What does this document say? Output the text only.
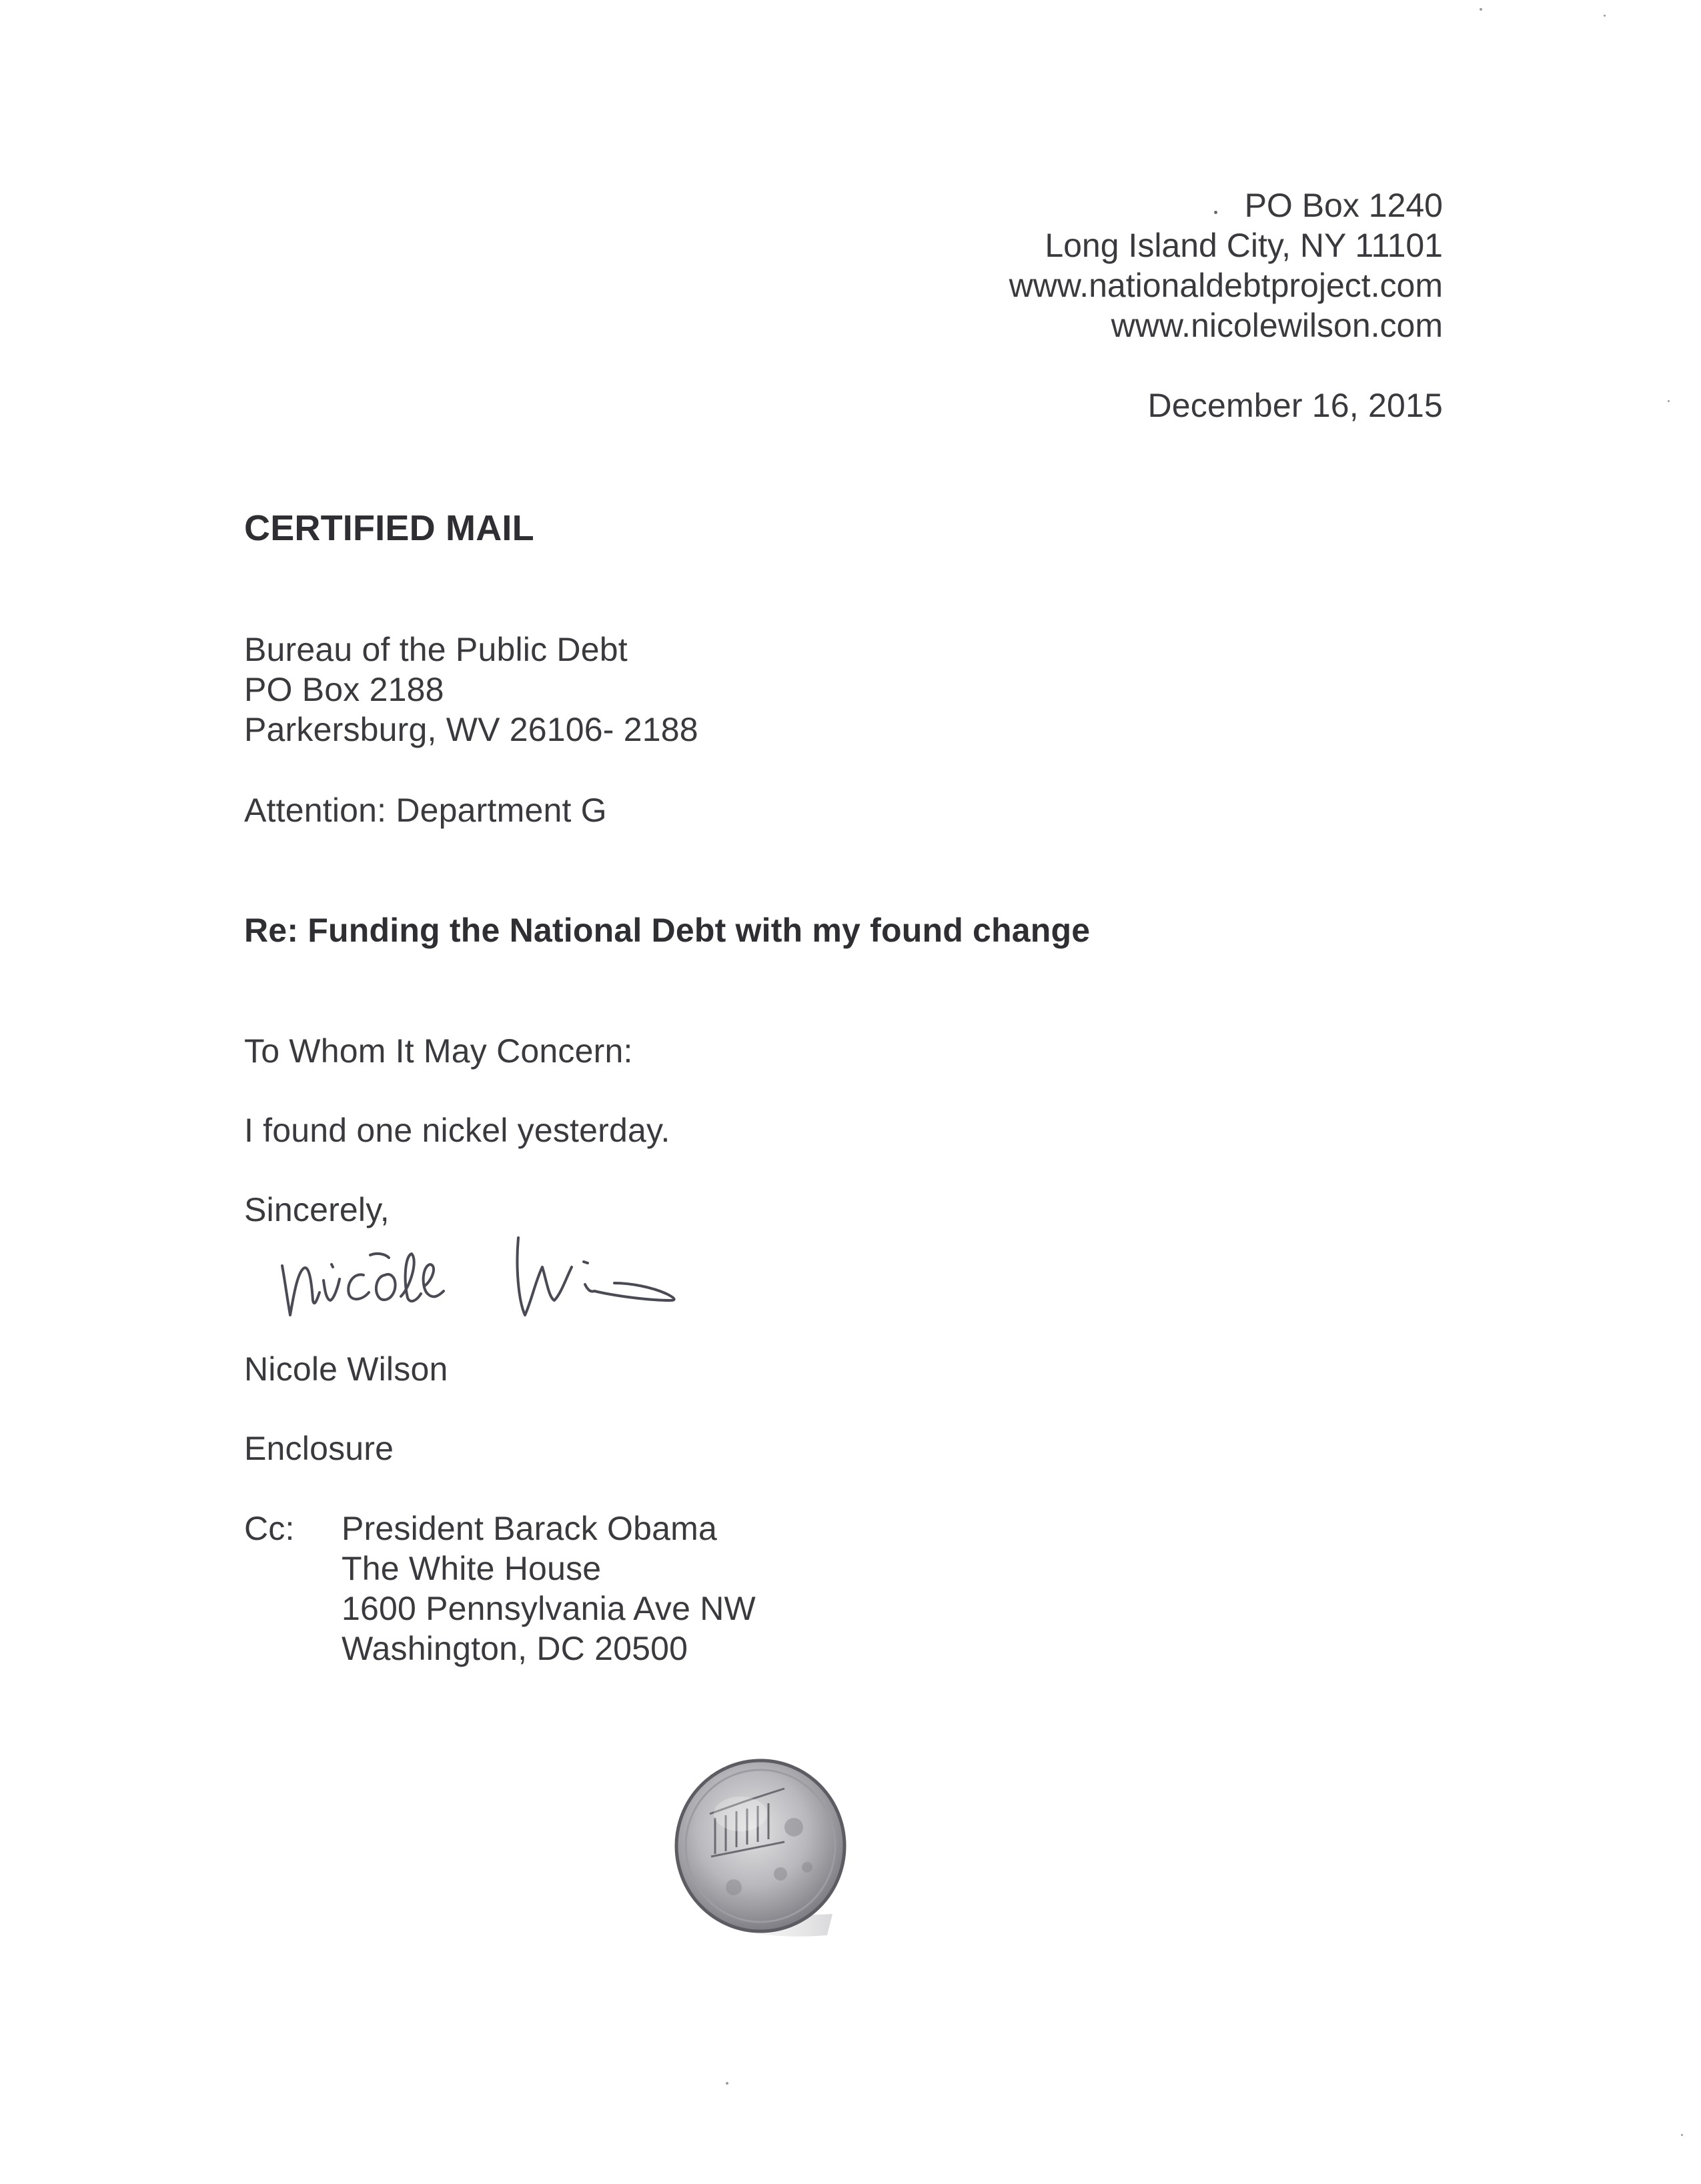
PO Box 1240
Long Island City, NY 11101
www.nationaldebtproject.com
www.nicolewilson.com
December 16, 2015
CERTIFIED MAIL
Bureau of the Public Debt
PO Box 2188
Parkersburg, WV 26106- 2188
Attention: Department G
Re: Funding the National Debt with my found change
To Whom It May Concern:
I found one nickel yesterday.
Sincerely,
Nicole Wilson
Enclosure
Cc: President Barack Obama
The White House
1600 Pennsylvania Ave NW
Washington, DC 20500
